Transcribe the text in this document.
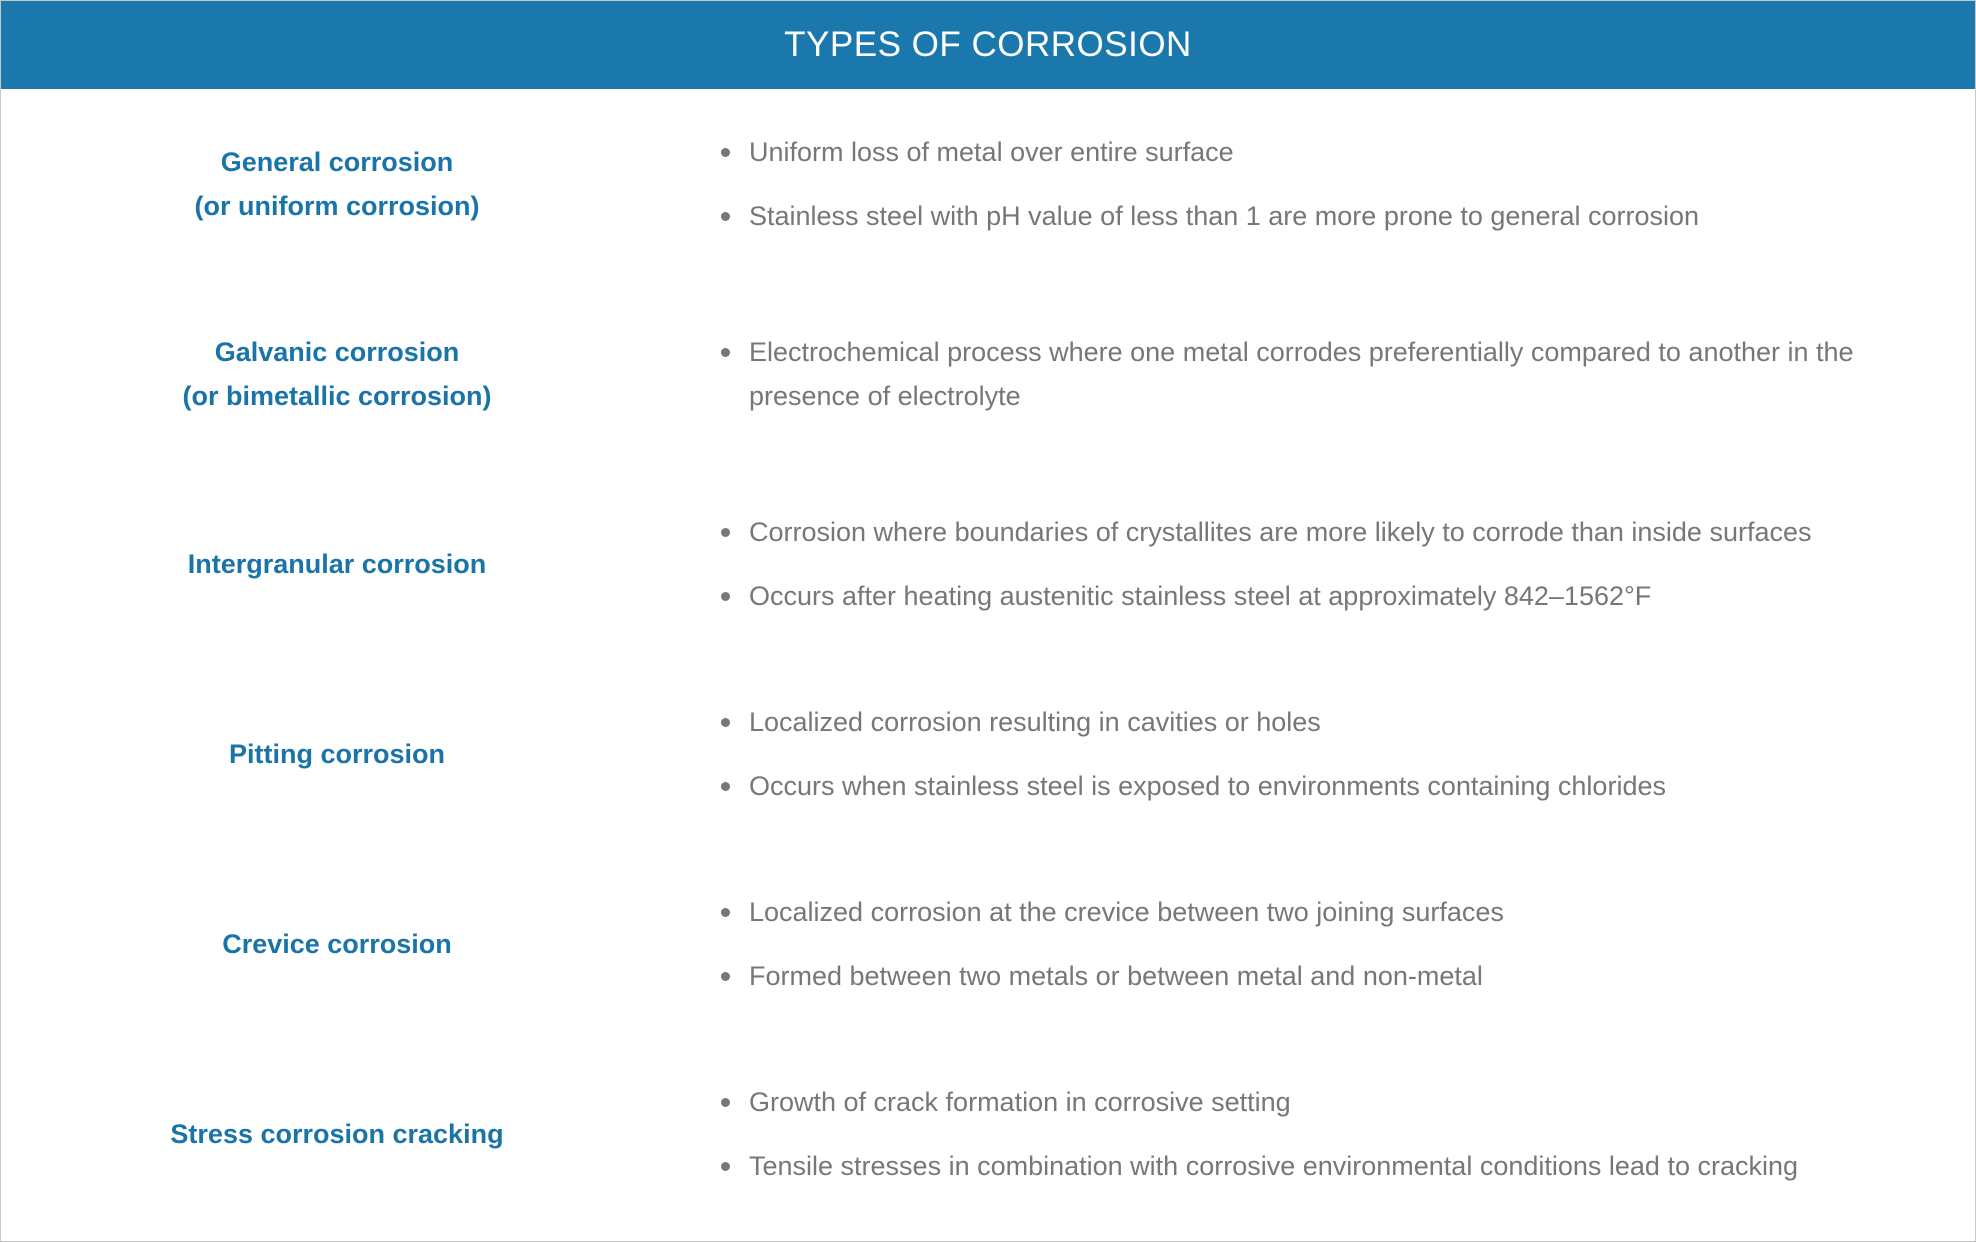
TYPES OF CORROSION
General corrosion
(or uniform corrosion)
Uniform loss of metal over entire surface
Stainless steel with pH value of less than 1 are more prone to general corrosion
Galvanic corrosion
(or bimetallic corrosion)
Electrochemical process where one metal corrodes preferentially compared to another in the presence of electrolyte
Intergranular corrosion
Corrosion where boundaries of crystallites are more likely to corrode than inside surfaces
Occurs after heating austenitic stainless steel at approximately 842–1562°F
Pitting corrosion
Localized corrosion resulting in cavities or holes
Occurs when stainless steel is exposed to environments containing chlorides
Crevice corrosion
Localized corrosion at the crevice between two joining surfaces
Formed between two metals or between metal and non-metal
Stress corrosion cracking
Growth of crack formation in corrosive setting
Tensile stresses in combination with corrosive environmental conditions lead to cracking
